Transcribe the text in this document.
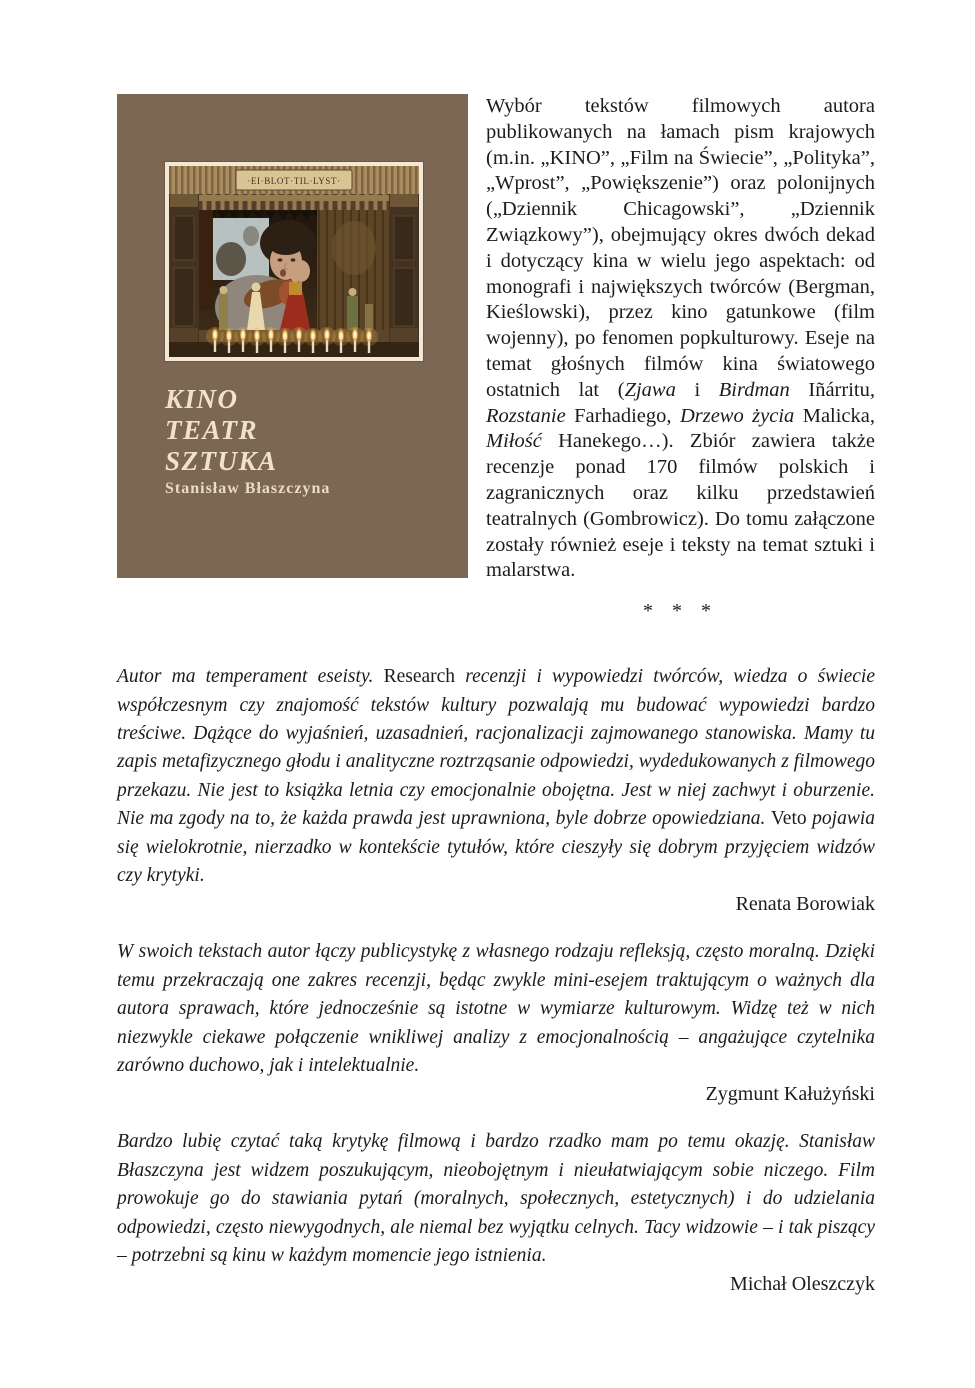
·EI·BLOT·TIL·LYST·
KINO
TEATR
SZTUKA
Stanisław Błaszczyna

Wybór tekstów filmowych autora publikowanych na łamach pism krajowych (m.in. „KINO”, „Film na Świecie”, „Polityka”, „Wprost”, „Powiększenie”) oraz polonijnych („Dziennik Chicagowski”, „Dziennik Związkowy”), obejmujący okres dwóch dekad i dotyczący kina w wielu jego aspektach: od monografi i największych twórców (Bergman, Kieślowski), przez kino gatunkowe (film wojenny), po fenomen popkulturowy. Eseje na temat głośnych filmów kina światowego ostatnich lat (Zjawa i Birdman Iñárritu, Rozstanie Farhadiego, Drzewo życia Malicka, Miłość Hanekego…). Zbiór zawiera także recenzje ponad 170 filmów polskich i zagranicznych oraz kilku przedstawień teatralnych (Gombrowicz). Do tomu załączone zostały również eseje i teksty na temat sztuki i malarstwa.

* * *

Autor ma temperament eseisty. Research recenzji i wypowiedzi twórców, wiedza o świecie współczesnym czy znajomość tekstów kultury pozwalają mu budować wypowiedzi bardzo treściwe. Dążące do wyjaśnień, uzasadnień, racjonalizacji zajmowanego stanowiska. Mamy tu zapis metafizycznego głodu i analityczne roztrząsanie odpowiedzi, wydedukowanych z filmowego przekazu. Nie jest to książka letnia czy emocjonalnie obojętna. Jest w niej zachwyt i oburzenie. Nie ma zgody na to, że każda prawda jest uprawniona, byle dobrze opowiedziana. Veto pojawia się wielokrotnie, nierzadko w kontekście tytułów, które cieszyły się dobrym przyjęciem widzów czy krytyki.

Renata Borowiak

W swoich tekstach autor łączy publicystykę z własnego rodzaju refleksją, często moralną. Dzięki temu przekraczają one zakres recenzji, będąc zwykle mini-esejem traktującym o ważnych dla autora sprawach, które jednocześnie są istotne w wymiarze kulturowym. Widzę też w nich niezwykle ciekawe połączenie wnikliwej analizy z emocjonalnością – angażujące czytelnika zarówno duchowo, jak i intelektualnie.

Zygmunt Kałużyński

Bardzo lubię czytać taką krytykę filmową i bardzo rzadko mam po temu okazję. Stanisław Błaszczyna jest widzem poszukującym, nieobojętnym i nieułatwiającym sobie niczego. Film prowokuje go do stawiania pytań (moralnych, społecznych, estetycznych) i do udzielania odpowiedzi, często niewygodnych, ale niemal bez wyjątku celnych. Tacy widzowie – i tak piszący – potrzebni są kinu w każdym momencie jego istnienia.

Michał Oleszczyk
